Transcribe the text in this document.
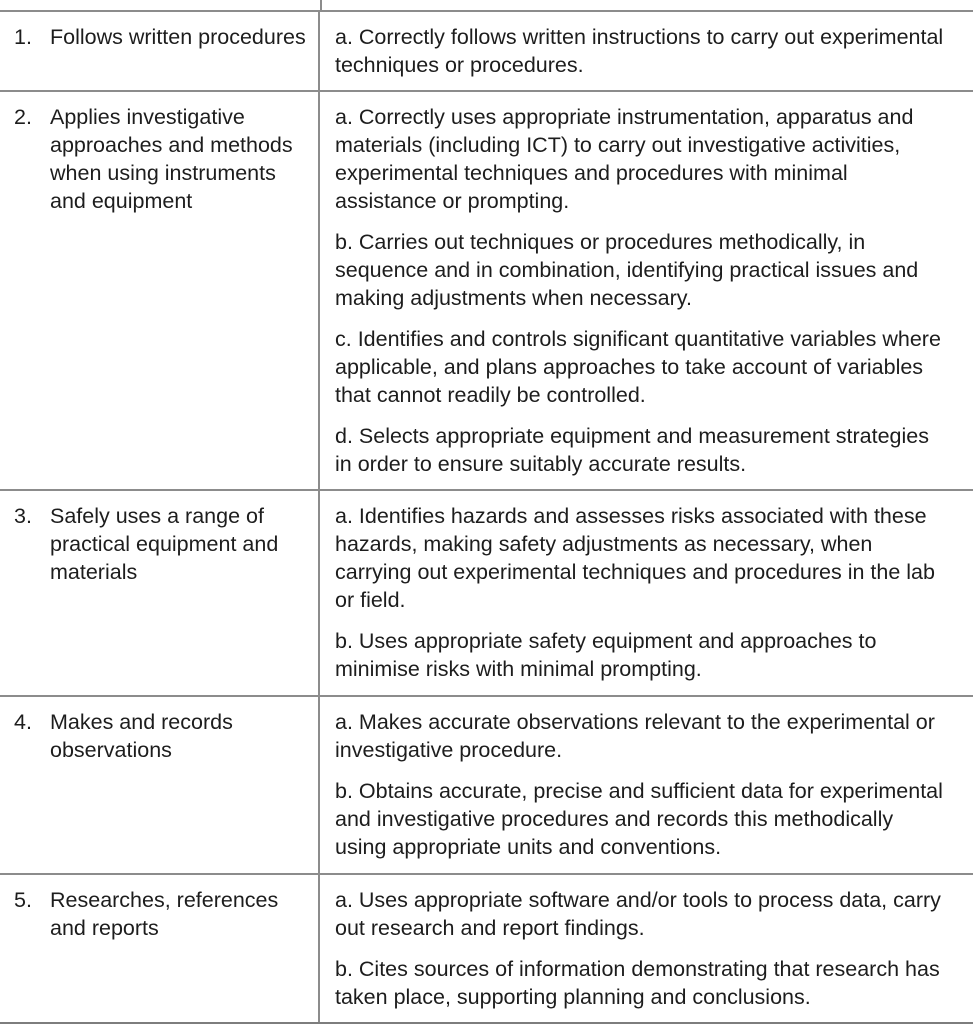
1. Follows written procedures a. Correctly follows written instructions to carry out experimental techniques or procedures.

2. Applies investigative approaches and methods when using instruments and equipment

a. Correctly uses appropriate instrumentation, apparatus and materials (including ICT) to carry out investigative activities, experimental techniques and procedures with minimal assistance or prompting.

b. Carries out techniques or procedures methodically, in sequence and in combination, identifying practical issues and making adjustments when necessary.

c. Identifies and controls significant quantitative variables where applicable, and plans approaches to take account of variables that cannot readily be controlled.

d. Selects appropriate equipment and measurement strategies in order to ensure suitably accurate results.

3. Safely uses a range of practical equipment and materials

a. Identifies hazards and assesses risks associated with these hazards, making safety adjustments as necessary, when carrying out experimental techniques and procedures in the lab or field.

b. Uses appropriate safety equipment and approaches to minimise risks with minimal prompting.

4. Makes and records observations

a. Makes accurate observations relevant to the experimental or investigative procedure.

b. Obtains accurate, precise and sufficient data for experimental and investigative procedures and records this methodically using appropriate units and conventions.

5. Researches, references and reports

a. Uses appropriate software and/or tools to process data, carry out research and report findings.

b. Cites sources of information demonstrating that research has taken place, supporting planning and conclusions.
